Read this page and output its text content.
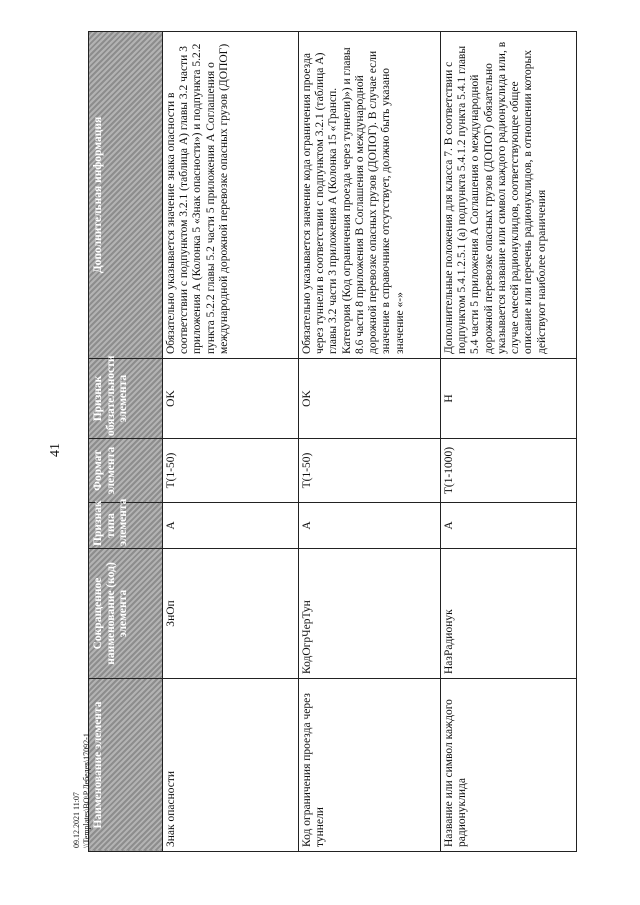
41
Наименование элемента	Сокращенное наименование (код) элемента	Признак типа элемента	Формат элемента	Признак обязательности элемента	Дополнительная информация
Знак опасности	ЗнОп	A	T(1-50)	OK	Обязательно указывается значение знака опасности в соответствии с подпунктом 3.2.1 (таблица А) главы 3.2 части 3 приложения А (Колонка 5 «Знак опасности») и подпункта 5.2.2 пункта 5.2.2 главы 5.2 части 5 приложения А Соглашения о международной дорожной перевозке опасных грузов (ДОПОГ)
Код ограничения проезда через туннели	КодОгрЧерТун	A	T(1-50)	OK	Обязательно указывается значение кода ограничения проезда через туннели в соответствии с подпунктом 3.2.1 (таблица А) главы 3.2 части 3 приложения А (Колонка 15 «Трансп. Категория (Код ограничения проезда через туннели)») и главы 8.6 части 8 приложения В Соглашения о международной дорожной перевозке опасных грузов (ДОПОГ). В случае если значение в справочнике отсутствует, должно быть указано значение «-»
Название или символ каждого радионуклида	НазРадионук	A	T(1-1000)	H	Дополнительные положения для класса 7. В соответствии с подпунктом 5.4.1.2.5.1 (a) подпункта 5.4.1.2 пункта 5.4.1 главы 5.4 части 5 приложения А Соглашения о международной дорожной перевозке опасных грузов (ДОПОГ) обязательно указывается название или символ каждого радионуклида или, в случае смесей радионуклидов, соответствующее общее описание или перечень радионуклидов, в отношении которых действуют наиболее ограничения
09.12.2021 11:07 \\Templates\ВО\Р.Лебедев\17092-1
